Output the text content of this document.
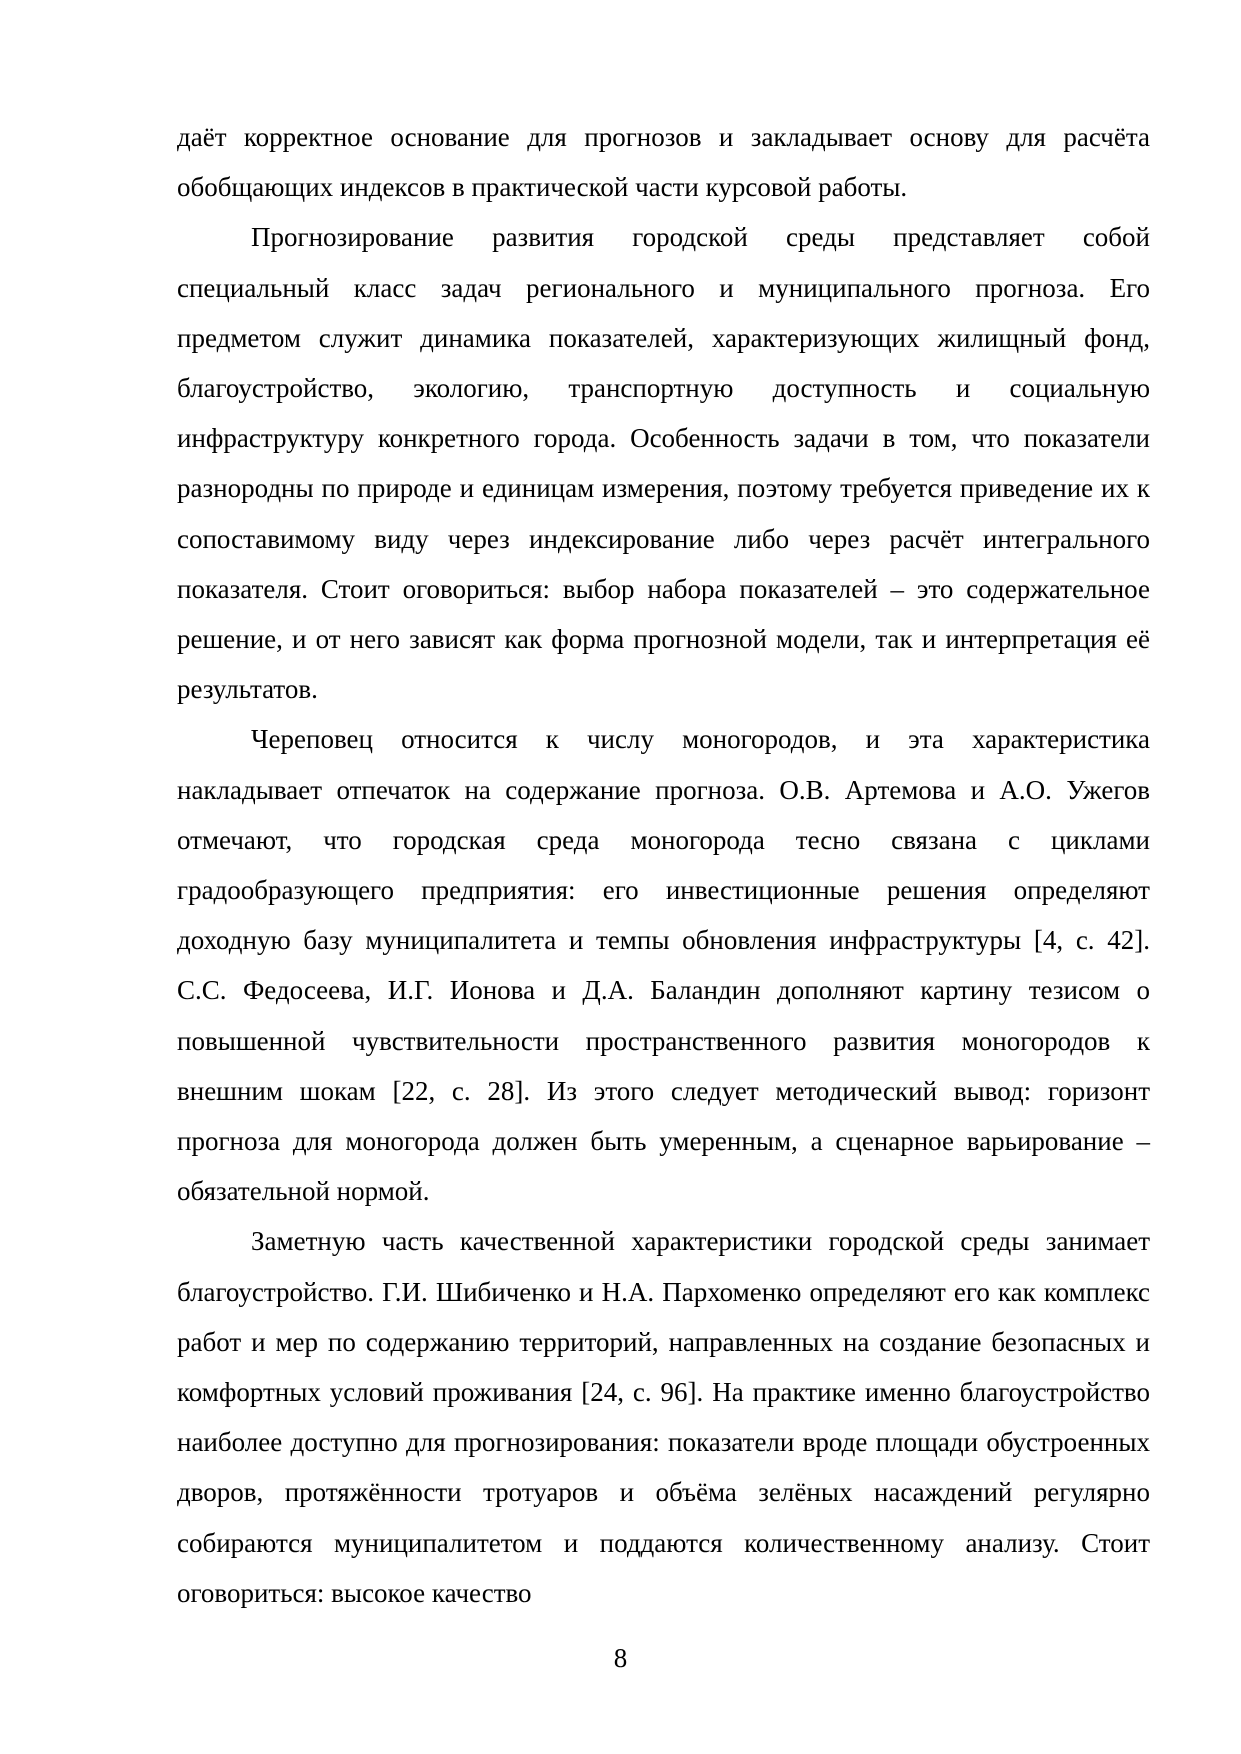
даёт корректное основание для прогнозов и закладывает основу для расчёта обобщающих индексов в практической части курсовой работы.

Прогнозирование развития городской среды представляет собой специальный класс задач регионального и муниципального прогноза. Его предметом служит динамика показателей, характеризующих жилищный фонд, благоустройство, экологию, транспортную доступность и социальную инфраструктуру конкретного города. Особенность задачи в том, что показатели разнородны по природе и единицам измерения, поэтому требуется приведение их к сопоставимому виду через индексирование либо через расчёт интегрального показателя. Стоит оговориться: выбор набора показателей – это содержательное решение, и от него зависят как форма прогнозной модели, так и интерпретация её результатов.

Череповец относится к числу моногородов, и эта характеристика накладывает отпечаток на содержание прогноза. О.В. Артемова и А.О. Ужегов отмечают, что городская среда моногорода тесно связана с циклами градообразующего предприятия: его инвестиционные решения определяют доходную базу муниципалитета и темпы обновления инфраструктуры [4, с. 42]. С.С. Федосеева, И.Г. Ионова и Д.А. Баландин дополняют картину тезисом о повышенной чувствительности пространственного развития моногородов к внешним шокам [22, с. 28]. Из этого следует методический вывод: горизонт прогноза для моногорода должен быть умеренным, а сценарное варьирование – обязательной нормой.

Заметную часть качественной характеристики городской среды занимает благоустройство. Г.И. Шибиченко и Н.А. Пархоменко определяют его как комплекс работ и мер по содержанию территорий, направленных на создание безопасных и комфортных условий проживания [24, с. 96]. На практике именно благоустройство наиболее доступно для прогнозирования: показатели вроде площади обустроенных дворов, протяжённости тротуаров и объёма зелёных насаждений регулярно собираются муниципалитетом и поддаются количественному анализу. Стоит оговориться: высокое качество

8
